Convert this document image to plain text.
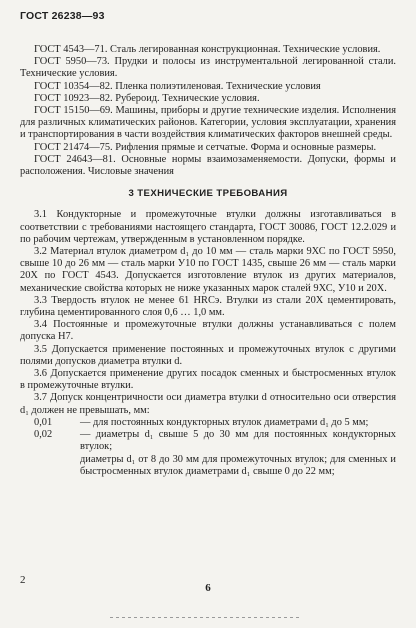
ГОСТ 26238—93

ГОСТ 4543—71. Сталь легированная конструкционная. Технические условия.

ГОСТ 5950—73. Прудки и полосы из инструментальной легированной стали. Технические условия.

ГОСТ 10354—82. Пленка полиэтиленовая. Технические условия

ГОСТ 10923—82. Рубероид. Технические условия.

ГОСТ 15150—69. Машины, приборы и другие технические изделия. Исполнения для различных климатических районов. Категории, условия эксплуатации, хранения и транспортирования в части воздействия климатических факторов внешней среды.

ГОСТ 21474—75. Рифления прямые и сетчатые. Форма и основные размеры.

ГОСТ 24643—81. Основные нормы взаимозаменяемости. Допуски, формы и расположения. Числовые значения

3 ТЕХНИЧЕСКИЕ ТРЕБОВАНИЯ

3.1 Кондукторные и промежуточные втулки должны изготавливаться в соответствии с требованиями настоящего стандарта, ГОСТ 30086, ГОСТ 12.2.029 и по рабочим чертежам, утвержденным в установленном порядке.

3.2 Материал втулок диаметром d₁ до 10 мм — сталь марки 9ХС по ГОСТ 5950, свыше 10 до 26 мм — сталь марки У10 по ГОСТ 1435, свыше 26 мм — сталь марки 20Х по ГОСТ 4543. Допускается изготовление втулок из других материалов, механические свойства которых не ниже указанных марок сталей 9ХС, У10 и 20Х.

3.3 Твердость втулок не менее 61 HRCэ. Втулки из стали 20Х цементировать, глубина цементированного слоя 0,6 … 1,0 мм.

3.4 Постоянные и промежуточные втулки должны устанавливаться с полем допуска H7.

3.5 Допускается применение постоянных и промежуточных втулок с другими полями допусков диаметра втулки d.

3.6 Допускается применение других посадок сменных и быстросменных втулок в промежуточные втулки.

3.7 Допуск концентричности оси диаметра втулки d относительно оси отверстия d₁ должен не превышать, мм:

0,01	— для постоянных кондукторных втулок диаметрами d₁ до 5 мм;
0,02	— диаметры d₁ свыше 5 до 30 мм для постоянных кондукторных втулок;
диаметры d₁ от 8 до 30 мм для промежуточных втулок; для сменных и быстросменных втулок диаметрами d₁ свыше 0 до 22 мм;
2
6
